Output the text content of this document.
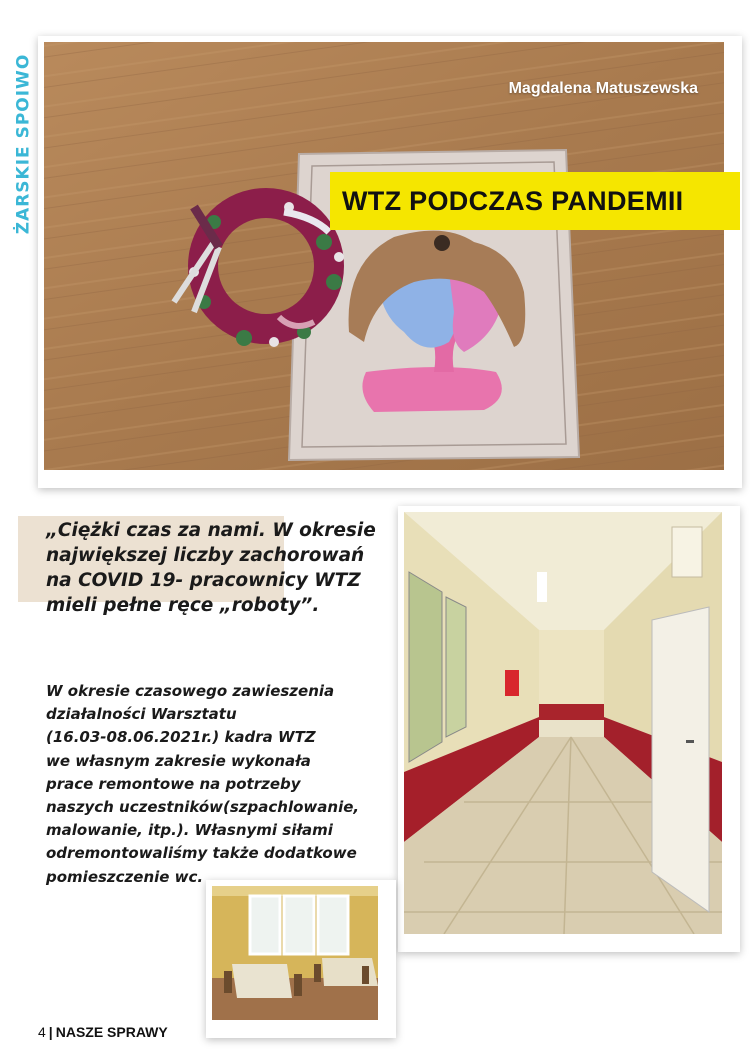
ŻARSKIE SPOIWO	Magdalena Matuszewska
WTZ PODCZAS PANDEMII
„Ciężki czas za nami. W okresie
największej liczby zachorowań
na COVID 19- pracownicy WTZ
mieli pełne ręce „roboty”.
W okresie czasowego zawieszenia
działalności Warsztatu
(16.03-08.06.2021r.) kadra WTZ
we własnym zakresie wykonała
prace remontowe na potrzeby
naszych uczestników(szpachlowanie,
malowanie, itp.). Własnymi siłami
odremontowaliśmy także dodatkowe
pomieszczenie wc.
4 | NASZE SPRAWY
